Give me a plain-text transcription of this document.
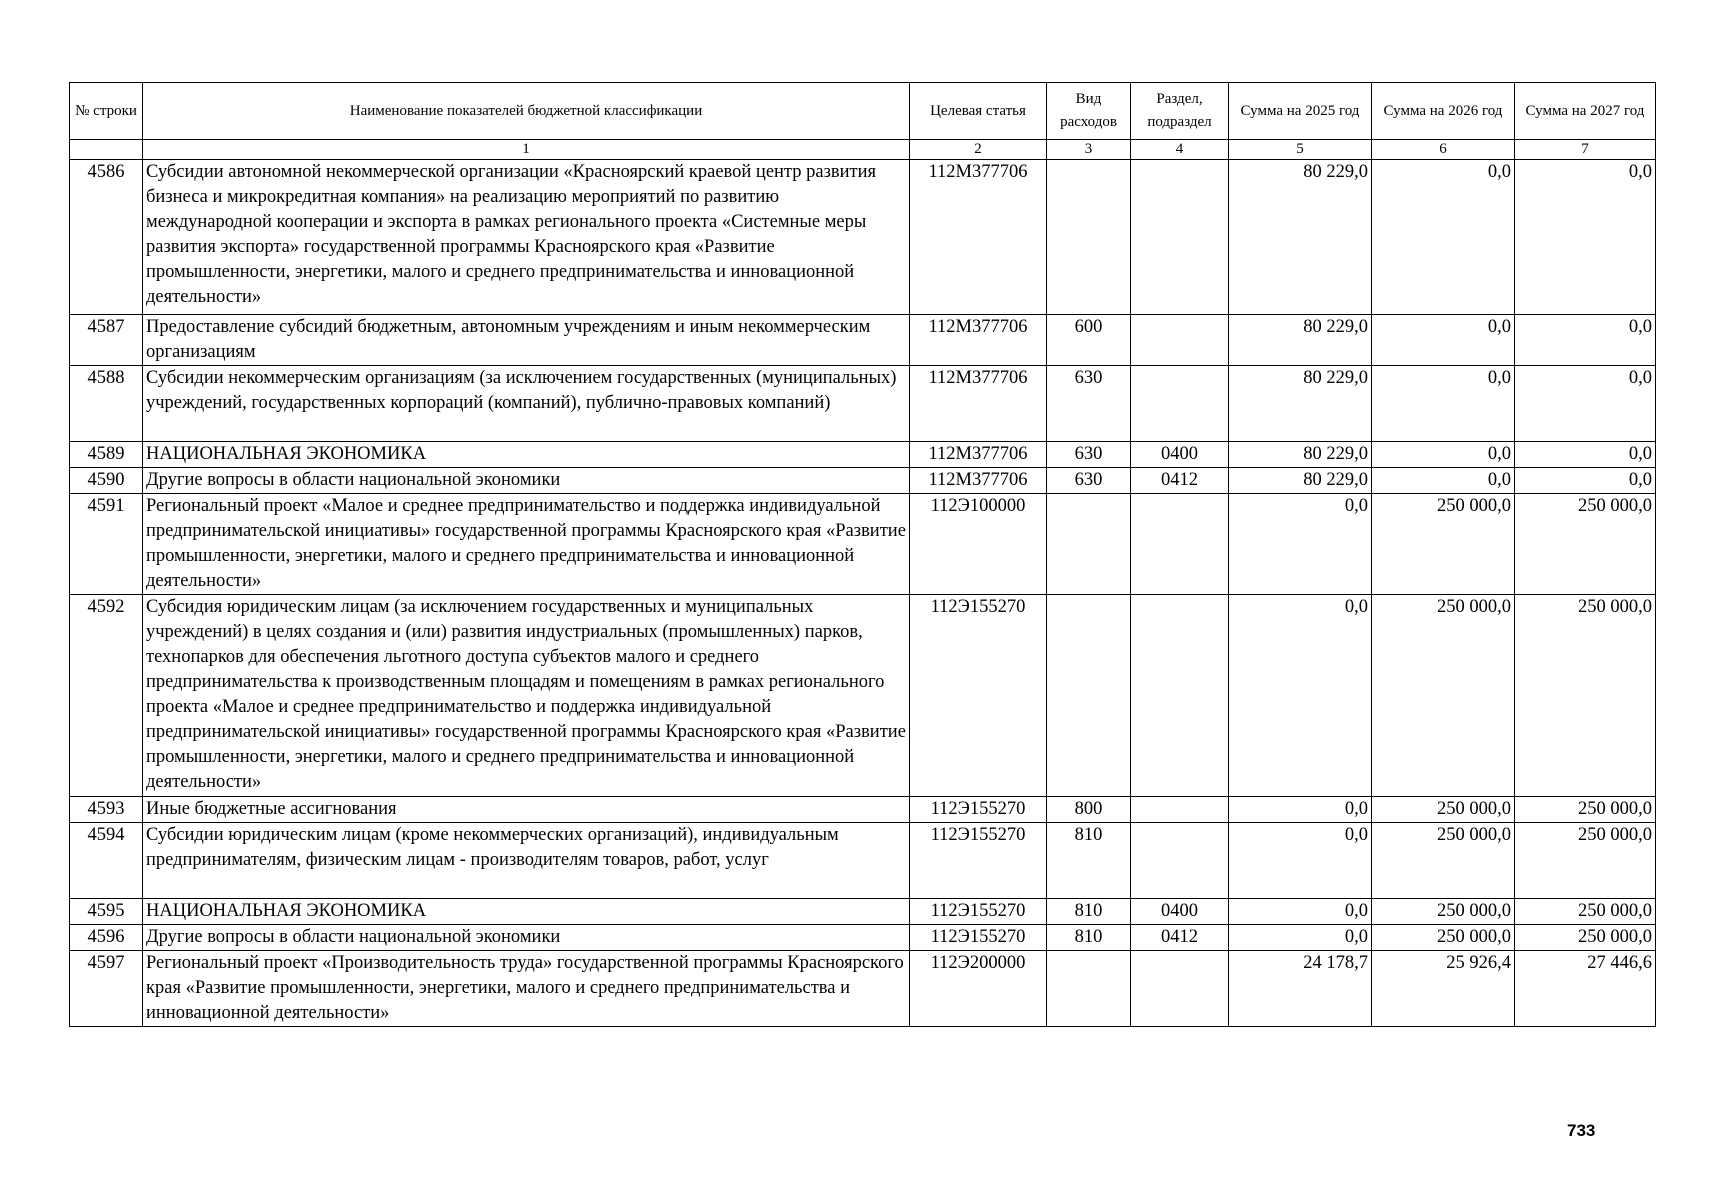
№ строки	Наименование показателей бюджетной классификации	Целевая статья	Вид расходов	Раздел, подраздел	Сумма на 2025 год	Сумма на 2026 год	Сумма на 2027 год
	1	2	3	4	5	6	7
4586	Субсидии автономной некоммерческой организации «Красноярский краевой центр развития бизнеса и микрокредитная компания» на реализацию мероприятий по развитию международной кооперации и экспорта в рамках регионального проекта «Системные меры развития экспорта» государственной программы Красноярского края «Развитие промышленности, энергетики, малого и среднего предпринимательства и инновационной деятельности»	112М377706			80 229,0	0,0	0,0
4587	Предоставление субсидий бюджетным, автономным учреждениям и иным некоммерческим организациям	112М377706	600		80 229,0	0,0	0,0
4588	Субсидии некоммерческим организациям (за исключением государственных (муниципальных) учреждений, государственных корпораций (компаний), публично-правовых компаний)	112М377706	630		80 229,0	0,0	0,0
4589	НАЦИОНАЛЬНАЯ ЭКОНОМИКА	112М377706	630	0400	80 229,0	0,0	0,0
4590	Другие вопросы в области национальной экономики	112М377706	630	0412	80 229,0	0,0	0,0
4591	Региональный проект «Малое и среднее предпринимательство и поддержка индивидуальной предпринимательской инициативы» государственной программы Красноярского края «Развитие промышленности, энергетики, малого и среднего предпринимательства и инновационной деятельности»	112Э100000			0,0	250 000,0	250 000,0
4592	Субсидия юридическим лицам (за исключением государственных и муниципальных учреждений) в целях создания и (или) развития индустриальных (промышленных) парков, технопарков для обеспечения льготного доступа субъектов малого и среднего предпринимательства к производственным площадям и помещениям в рамках регионального проекта «Малое и среднее предпринимательство и поддержка индивидуальной предпринимательской инициативы» государственной программы Красноярского края «Развитие промышленности, энергетики, малого и среднего предпринимательства и инновационной деятельности»	112Э155270			0,0	250 000,0	250 000,0
4593	Иные бюджетные ассигнования	112Э155270	800		0,0	250 000,0	250 000,0
4594	Субсидии юридическим лицам (кроме некоммерческих организаций), индивидуальным предпринимателям, физическим лицам - производителям товаров, работ, услуг	112Э155270	810		0,0	250 000,0	250 000,0
4595	НАЦИОНАЛЬНАЯ ЭКОНОМИКА	112Э155270	810	0400	0,0	250 000,0	250 000,0
4596	Другие вопросы в области национальной экономики	112Э155270	810	0412	0,0	250 000,0	250 000,0
4597	Региональный проект «Производительность труда» государственной программы Красноярского края «Развитие промышленности, энергетики, малого и среднего предпринимательства и инновационной деятельности»	112Э200000			24 178,7	25 926,4	27 446,6
733
